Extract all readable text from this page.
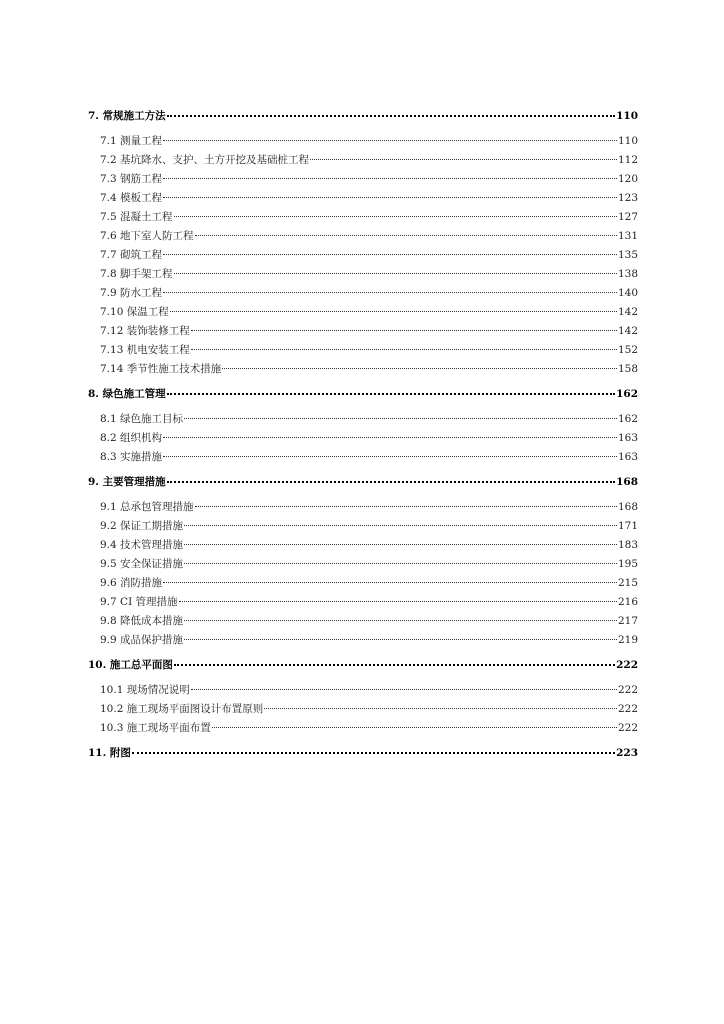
7. 常规施工方法	110
7.1 测量工程	110
7.2 基坑降水、支护、土方开挖及基础桩工程	112
7.3 钢筋工程	120
7.4 模板工程	123
7.5 混凝土工程	127
7.6 地下室人防工程	131
7.7 砌筑工程	135
7.8 脚手架工程	138
7.9 防水工程	140
7.10 保温工程	142
7.12 装饰装修工程	142
7.13 机电安装工程	152
7.14 季节性施工技术措施	158
8. 绿色施工管理	162
8.1 绿色施工目标	162
8.2 组织机构	163
8.3 实施措施	163
9. 主要管理措施	168
9.1 总承包管理措施	168
9.2 保证工期措施	171
9.4 技术管理措施	183
9.5 安全保证措施	195
9.6 消防措施	215
9.7 CI 管理措施	216
9.8 降低成本措施	217
9.9 成品保护措施	219
10. 施工总平面图	222
10.1 现场情况说明	222
10.2 施工现场平面图设计布置原则	222
10.3 施工现场平面布置	222
11. 附图	223
